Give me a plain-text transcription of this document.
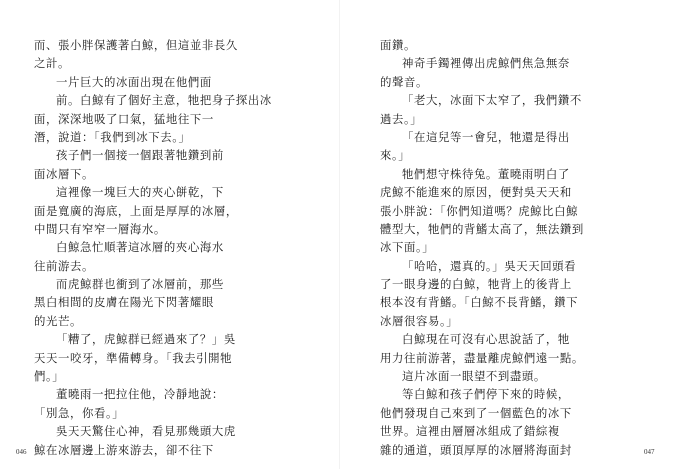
而、張小胖保護著白鯨，但這並非長久
之計。
一片巨大的冰面出現在他們面
前。白鯨有了個好主意，牠把身子探出冰
面，深深地吸了口氣，猛地往下一
潛，說道：「我們到冰下去。」
孩子們一個接一個跟著牠鑽到前
面冰層下。
這裡像一塊巨大的夾心餅乾，下
面是寬廣的海底，上面是厚厚的冰層，
中間只有窄窄一層海水。
白鯨急忙順著這冰層的夾心海水
往前游去。
而虎鯨群也衝到了冰層前，那些
黑白相間的皮膚在陽光下閃著耀眼
的光芒。
「糟了，虎鯨群已經過來了？」吳
天天一咬牙，準備轉身。「我去引開牠
們。」
董曉雨一把拉住他，冷靜地說：
「別急，你看。」
吳天天驚住心神，看見那幾頭大虎
鯨在冰層邊上游來游去，卻不往下
面鑽。
神奇手鐲裡傳出虎鯨們焦急無奈
的聲音。
「老大，冰面下太窄了，我們鑽不
過去。」
「在這兒等一會兒，牠還是得出
來。」
牠們想守株待兔。董曉雨明白了
虎鯨不能進來的原因，便對吳天天和
張小胖說：「你們知道嗎？虎鯨比白鯨
體型大，牠們的背鰭太高了，無法鑽到
冰下面。」
「哈哈，還真的。」吳天天回頭看
了一眼身邊的白鯨，牠背上的後背上
根本沒有背鰭。「白鯨不長背鰭，鑽下
冰層很容易。」
白鯨現在可沒有心思說話了，牠
用力往前游著，盡量離虎鯨們遠一點。
這片冰面一眼望不到盡頭。
等白鯨和孩子們停下來的時候，
他們發現自己來到了一個藍色的冰下
世界。這裡由層層冰組成了錯綜複
雜的通道，頭頂厚厚的冰層將海面封
046	047
